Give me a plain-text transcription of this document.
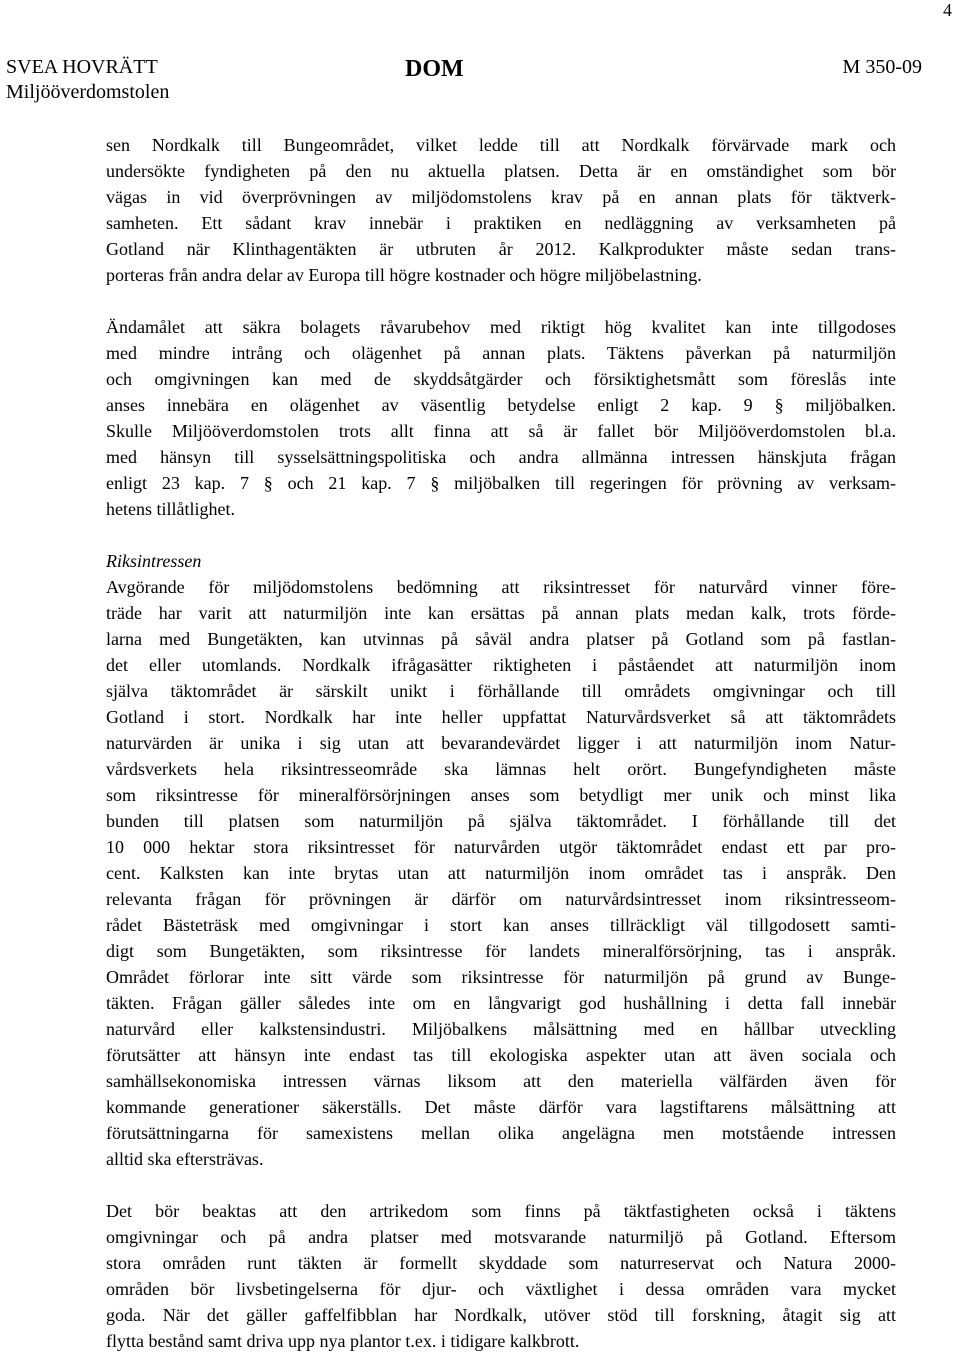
4
SVEA HOVRÄTT
Miljööverdomstolen
DOM	M 350-09
sen Nordkalk till Bungeområdet, vilket ledde till att Nordkalk förvärvade mark och
undersökte fyndigheten på den nu aktuella platsen. Detta är en omständighet som bör
vägas in vid överprövningen av miljödomstolens krav på en annan plats för täktverk-
samheten. Ett sådant krav innebär i praktiken en nedläggning av verksamheten på
Gotland när Klinthagentäkten är utbruten år 2012. Kalkprodukter måste sedan trans-
porteras från andra delar av Europa till högre kostnader och högre miljöbelastning.
Ändamålet att säkra bolagets råvarubehov med riktigt hög kvalitet kan inte tillgodoses
med mindre intrång och olägenhet på annan plats. Täktens påverkan på naturmiljön
och omgivningen kan med de skyddsåtgärder och försiktighetsmått som föreslås inte
anses innebära en olägenhet av väsentlig betydelse enligt 2 kap. 9 § miljöbalken.
Skulle Miljööverdomstolen trots allt finna att så är fallet bör Miljööverdomstolen bl.a.
med hänsyn till sysselsättningspolitiska och andra allmänna intressen hänskjuta frågan
enligt 23 kap. 7 § och 21 kap. 7 § miljöbalken till regeringen för prövning av verksam-
hetens tillåtlighet.
Riksintressen
Avgörande för miljödomstolens bedömning att riksintresset för naturvård vinner före-
träde har varit att naturmiljön inte kan ersättas på annan plats medan kalk, trots förde-
larna med Bungetäkten, kan utvinnas på såväl andra platser på Gotland som på fastlan-
det eller utomlands. Nordkalk ifrågasätter riktigheten i påståendet att naturmiljön inom
själva täktområdet är särskilt unikt i förhållande till områdets omgivningar och till
Gotland i stort. Nordkalk har inte heller uppfattat Naturvårdsverket så att täktområdets
naturvärden är unika i sig utan att bevarandevärdet ligger i att naturmiljön inom Natur-
vårdsverkets hela riksintresseområde ska lämnas helt orört. Bungefyndigheten måste
som riksintresse för mineralförsörjningen anses som betydligt mer unik och minst lika
bunden till platsen som naturmiljön på själva täktområdet. I förhållande till det
10 000 hektar stora riksintresset för naturvården utgör täktområdet endast ett par pro-
cent. Kalksten kan inte brytas utan att naturmiljön inom området tas i anspråk. Den
relevanta frågan för prövningen är därför om naturvårdsintresset inom riksintresseom-
rådet Bästeträsk med omgivningar i stort kan anses tillräckligt väl tillgodosett samti-
digt som Bungetäkten, som riksintresse för landets mineralförsörjning, tas i anspråk.
Området förlorar inte sitt värde som riksintresse för naturmiljön på grund av Bunge-
täkten. Frågan gäller således inte om en långvarigt god hushållning i detta fall innebär
naturvård eller kalkstensindustri. Miljöbalkens målsättning med en hållbar utveckling
förutsätter att hänsyn inte endast tas till ekologiska aspekter utan att även sociala och
samhällsekonomiska intressen värnas liksom att den materiella välfärden även för
kommande generationer säkerställs. Det måste därför vara lagstiftarens målsättning att
förutsättningarna för samexistens mellan olika angelägna men motstående intressen
alltid ska eftersträvas.
Det bör beaktas att den artrikedom som finns på täktfastigheten också i täktens
omgivningar och på andra platser med motsvarande naturmiljö på Gotland. Eftersom
stora områden runt täkten är formellt skyddade som naturreservat och Natura 2000-
områden bör livsbetingelserna för djur- och växtlighet i dessa områden vara mycket
goda. När det gäller gaffelfibblan har Nordkalk, utöver stöd till forskning, åtagit sig att
flytta bestånd samt driva upp nya plantor t.ex. i tidigare kalkbrott.
